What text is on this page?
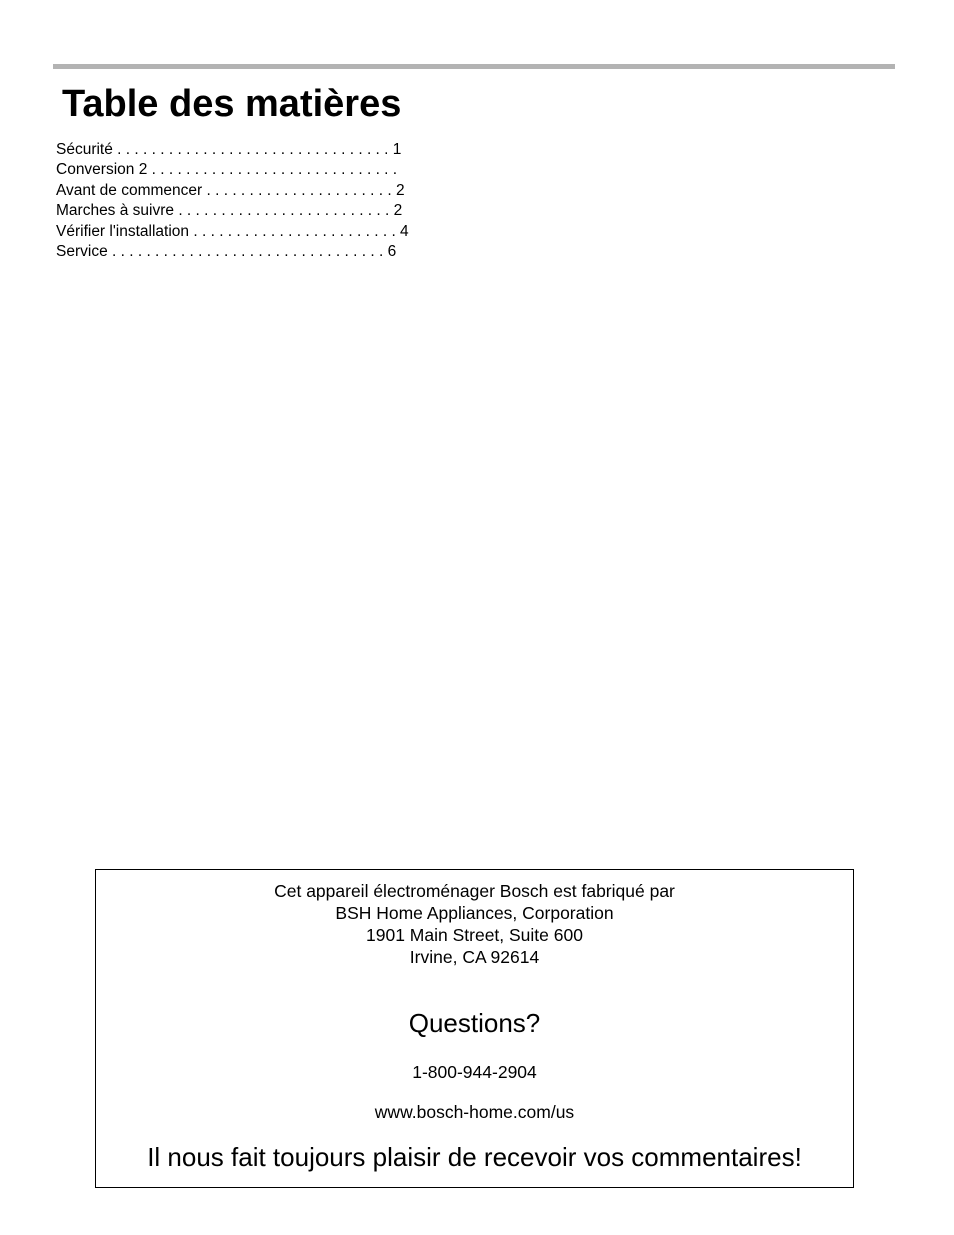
Table des matières
Sécurité . . . . . . . . . . . . . . . . . . . . . . . . . . . . . . . . 1
Conversion 2 . . . . . . . . . . . . . . . . . . . . . . . . . . . . .
Avant de commencer . . . . . . . . . . . . . . . . . . . . . . 2
Marches à suivre . . . . . . . . . . . . . . . . . . . . . . . . . 2
Vérifier l'installation . . . . . . . . . . . . . . . . . . . . . . . . 4
Service . . . . . . . . . . . . . . . . . . . . . . . . . . . . . . . . 6
Cet appareil électroménager Bosch est fabriqué par
BSH Home Appliances, Corporation
1901 Main Street, Suite 600
Irvine, CA 92614
Questions?
1-800-944-2904
www.bosch-home.com/us
Il nous fait toujours plaisir de recevoir vos commentaires!
